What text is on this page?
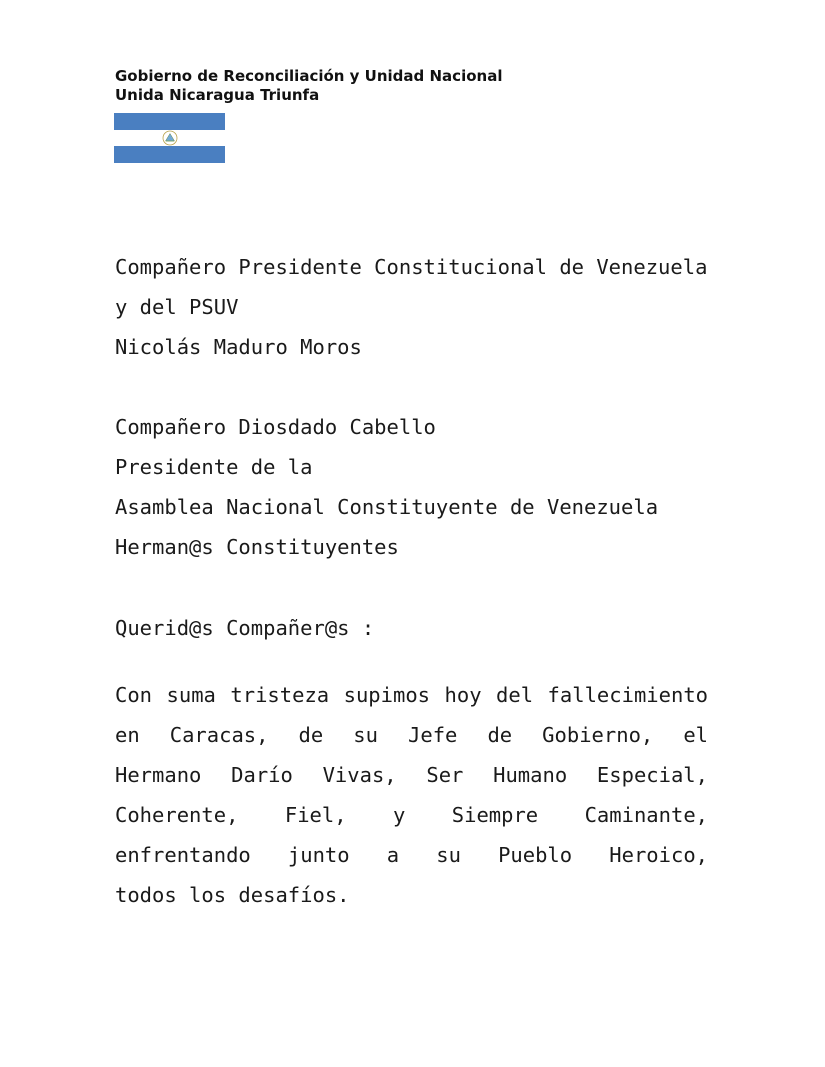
Gobierno de Reconciliación y Unidad Nacional
Unida Nicaragua Triunfa
Compañero Presidente Constitucional de Venezuela
y del PSUV
Nicolás Maduro Moros
Compañero Diosdado Cabello
Presidente de la
Asamblea Nacional Constituyente de Venezuela
Herman@s Constituyentes
Querid@s Compañer@s :
Con suma tristeza supimos hoy del fallecimiento
en Caracas, de su Jefe de Gobierno, el
Hermano Darío Vivas, Ser Humano Especial,
Coherente, Fiel, y Siempre Caminante,
enfrentando junto a su Pueblo Heroico,
todos los desafíos.
